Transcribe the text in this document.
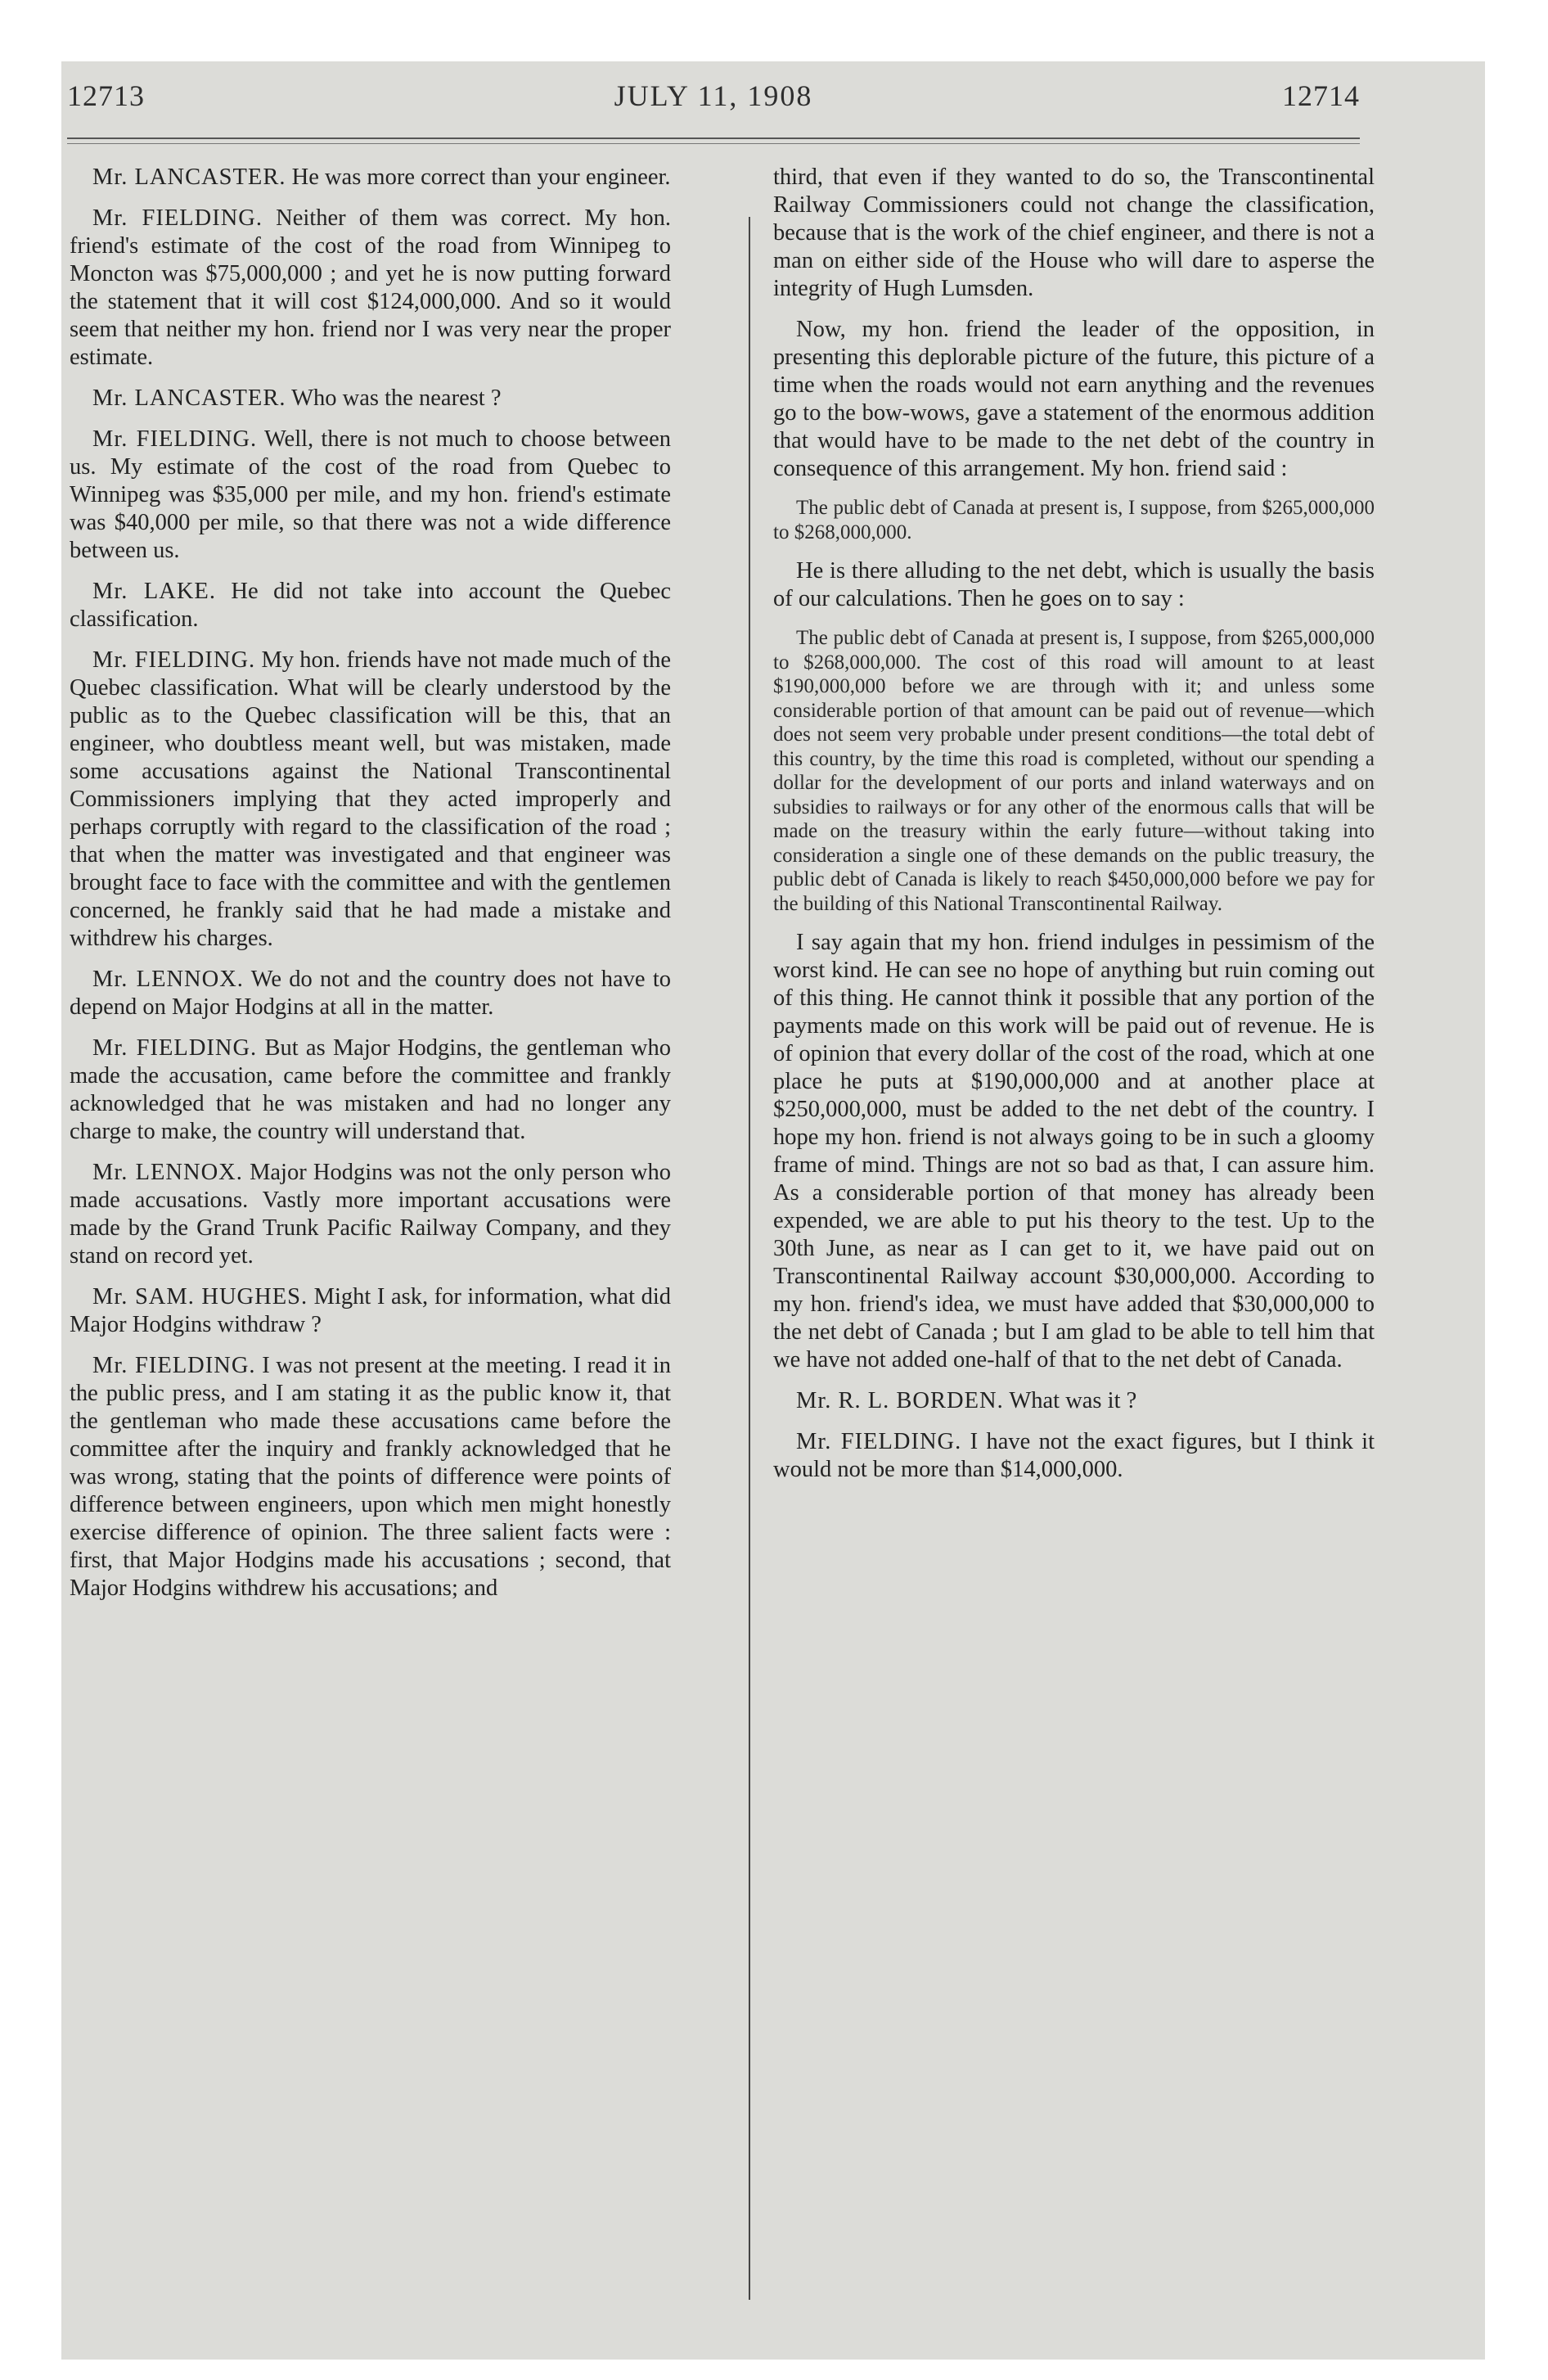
12713	JULY 11, 1908	12714

Mr. LANCASTER. He was more correct than your engineer.

Mr. FIELDING. Neither of them was correct. My hon. friend's estimate of the cost of the road from Winnipeg to Moncton was $75,000,000 ; and yet he is now putting forward the statement that it will cost $124,000,000. And so it would seem that neither my hon. friend nor I was very near the proper estimate.

Mr. LANCASTER. Who was the nearest ?

Mr. FIELDING. Well, there is not much to choose between us. My estimate of the cost of the road from Quebec to Winnipeg was $35,000 per mile, and my hon. friend's estimate was $40,000 per mile, so that there was not a wide difference between us.

Mr. LAKE. He did not take into account the Quebec classification.

Mr. FIELDING. My hon. friends have not made much of the Quebec classification. What will be clearly understood by the public as to the Quebec classification will be this, that an engineer, who doubtless meant well, but was mistaken, made some accusations against the National Transcontinental Commissioners implying that they acted improperly and perhaps corruptly with regard to the classification of the road ; that when the matter was investigated and that engineer was brought face to face with the committee and with the gentlemen concerned, he frankly said that he had made a mistake and withdrew his charges.

Mr. LENNOX. We do not and the country does not have to depend on Major Hodgins at all in the matter.

Mr. FIELDING. But as Major Hodgins, the gentleman who made the accusation, came before the committee and frankly acknowledged that he was mistaken and had no longer any charge to make, the country will understand that.

Mr. LENNOX. Major Hodgins was not the only person who made accusations. Vastly more important accusations were made by the Grand Trunk Pacific Railway Company, and they stand on record yet.

Mr. SAM. HUGHES. Might I ask, for information, what did Major Hodgins withdraw ?

Mr. FIELDING. I was not present at the meeting. I read it in the public press, and I am stating it as the public know it, that the gentleman who made these accusations came before the committee after the inquiry and frankly acknowledged that he was wrong, stating that the points of difference were points of difference between engineers, upon which men might honestly exercise difference of opinion. The three salient facts were : first, that Major Hodgins made his accusations ; second, that Major Hodgins withdrew his accusations; and

third, that even if they wanted to do so, the Transcontinental Railway Commissioners could not change the classification, because that is the work of the chief engineer, and there is not a man on either side of the House who will dare to asperse the integrity of Hugh Lumsden.

Now, my hon. friend the leader of the opposition, in presenting this deplorable picture of the future, this picture of a time when the roads would not earn anything and the revenues go to the bow-wows, gave a statement of the enormous addition that would have to be made to the net debt of the country in consequence of this arrangement. My hon. friend said :

The public debt of Canada at present is, I suppose, from $265,000,000 to $268,000,000.

He is there alluding to the net debt, which is usually the basis of our calculations. Then he goes on to say :

The public debt of Canada at present is, I suppose, from $265,000,000 to $268,000,000. The cost of this road will amount to at least $190,000,000 before we are through with it; and unless some considerable portion of that amount can be paid out of revenue—which does not seem very probable under present conditions—the total debt of this country, by the time this road is completed, without our spending a dollar for the development of our ports and inland waterways and on subsidies to railways or for any other of the enormous calls that will be made on the treasury within the early future—without taking into consideration a single one of these demands on the public treasury, the public debt of Canada is likely to reach $450,000,000 before we pay for the building of this National Transcontinental Railway.

I say again that my hon. friend indulges in pessimism of the worst kind. He can see no hope of anything but ruin coming out of this thing. He cannot think it possible that any portion of the payments made on this work will be paid out of revenue. He is of opinion that every dollar of the cost of the road, which at one place he puts at $190,000,000 and at another place at $250,000,000, must be added to the net debt of the country. I hope my hon. friend is not always going to be in such a gloomy frame of mind. Things are not so bad as that, I can assure him. As a considerable portion of that money has already been expended, we are able to put his theory to the test. Up to the 30th June, as near as I can get to it, we have paid out on Transcontinental Railway account $30,000,000. According to my hon. friend's idea, we must have added that $30,000,000 to the net debt of Canada ; but I am glad to be able to tell him that we have not added one-half of that to the net debt of Canada.

Mr. R. L. BORDEN. What was it ?

Mr. FIELDING. I have not the exact figures, but I think it would not be more than $14,000,000.
